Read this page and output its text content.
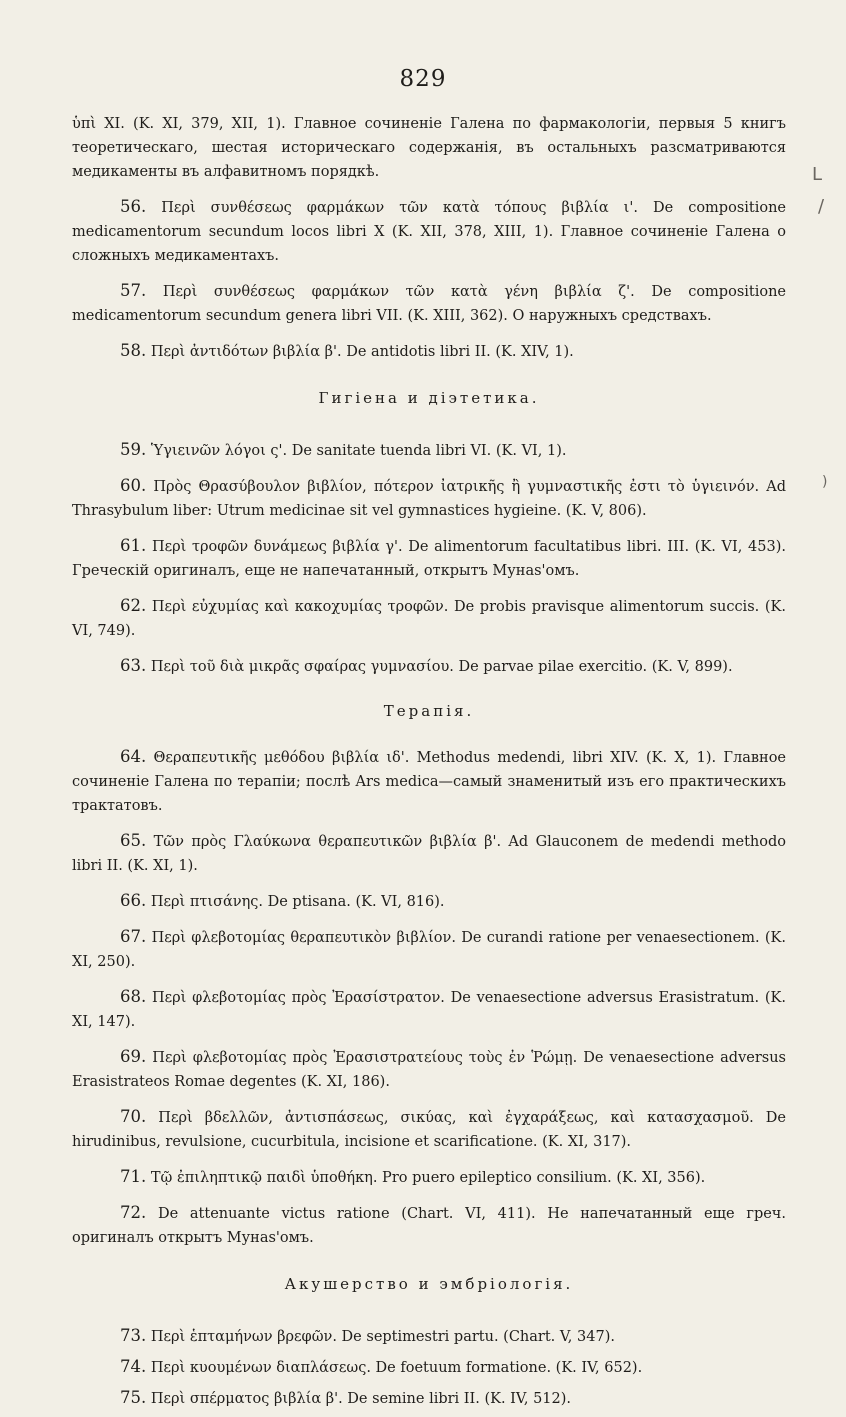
829
L
/
)

ὑπὶ XI. (K. XI, 379, XII, 1). Главное сочиненіе Галена по фармакологіи, первыя 5 книгъ теоретическаго, шестая историческаго содержанія, въ остальныхъ разсматриваются медикаменты въ алфавитномъ порядкѣ.

56. Περὶ συνθέσεως φαρμάκων τῶν κατὰ τόπους βιβλία ι'. De compositione medicamentorum secundum locos libri X (K. XII, 378, XIII, 1). Главное сочиненіе Галена о сложныхъ медикаментахъ.

57. Περὶ συνθέσεως φαρμάκων τῶν κατὰ γένη βιβλία ζ'. De compositione medicamentorum secundum genera libri VII. (K. XIII, 362). O наружныхъ средствахъ.

58. Περὶ ἀντιδότων βιβλία β'. De antidotis libri II. (K. XIV, 1).

Гигіена и діэтетика.

59. Ὑγιεινῶν λόγοι ς'. De sanitate tuenda libri VI. (K. VI, 1).

60. Πρὸς Θρασύβουλον βιβλίον, πότερον ἰατρικῆς ἢ γυμναστικῆς ἐστι τὸ ὑγιεινόν. Ad Thrasybulum liber: Utrum medicinae sit vel gymnastices hygieine. (K. V, 806).

61. Περὶ τροφῶν δυνάμεως βιβλία γ'. De alimentorum facultatibus libri. III. (K. VI, 453). Греческій оригиналъ, еще не напечатанный, открытъ Мунаs'омъ.

62. Περὶ εὐχυμίας καὶ κακοχυμίας τροφῶν. De probis pravisque alimentorum succis. (K. VI, 749).

63. Περὶ τοῦ διὰ μικρᾶς σφαίρας γυμνασίου. De parvae pilae exercitio. (K. V, 899).

Терапія.

64. Θεραπευτικῆς μεθόδου βιβλία ιδ'. Methodus medendi, libri XIV. (K. X, 1). Главное сочиненіе Галена по терапіи; послѣ Ars medica—самый знаменитый изъ его практическихъ трактатовъ.

65. Τῶν πρὸς Γλαύκωνα θεραπευτικῶν βιβλία β'. Ad Glauconem de medendi methodo libri II. (K. XI, 1).

66. Περὶ πτισάνης. De ptisana. (K. VI, 816).

67. Περὶ φλεβοτομίας θεραπευτικὸν βιβλίον. De curandi ratione per venaesectionem. (K. XI, 250).

68. Περὶ φλεβοτομίας πρὸς Ἐρασίστρατον. De venaesectione adversus Erasistratum. (K. XI, 147).

69. Περὶ φλεβοτομίας πρὸς Ἐρασιστρατείους τοὺς ἐν Ῥώμῃ. De venaesectione adversus Erasistrateos Romae degentes (K. XI, 186).

70. Περὶ βδελλῶν, ἀντισπάσεως, σικύας, καὶ ἐγχαράξεως, καὶ κατασχασμοῦ. De hirudinibus, revulsione, cucurbitula, incisione et scarificatione. (K. XI, 317).

71. Τῷ ἐπιληπτικῷ παιδὶ ὑποθήκη. Pro puero epileptico consilium. (K. XI, 356).

72. De attenuante victus ratione (Chart. VI, 411). Не напечатанный еще греч. оригиналъ открытъ Мунаs'омъ.

Акушерство и эмбріологія.

73. Περὶ ἑπταμήνων βρεφῶν. De septimestri partu. (Chart. V, 347).

74. Περὶ κυουμένων διαπλάσεως. De foetuum formatione. (K. IV, 652).

75. Περὶ σπέρματος βιβλία β'. De semine libri II. (K. IV, 512).
